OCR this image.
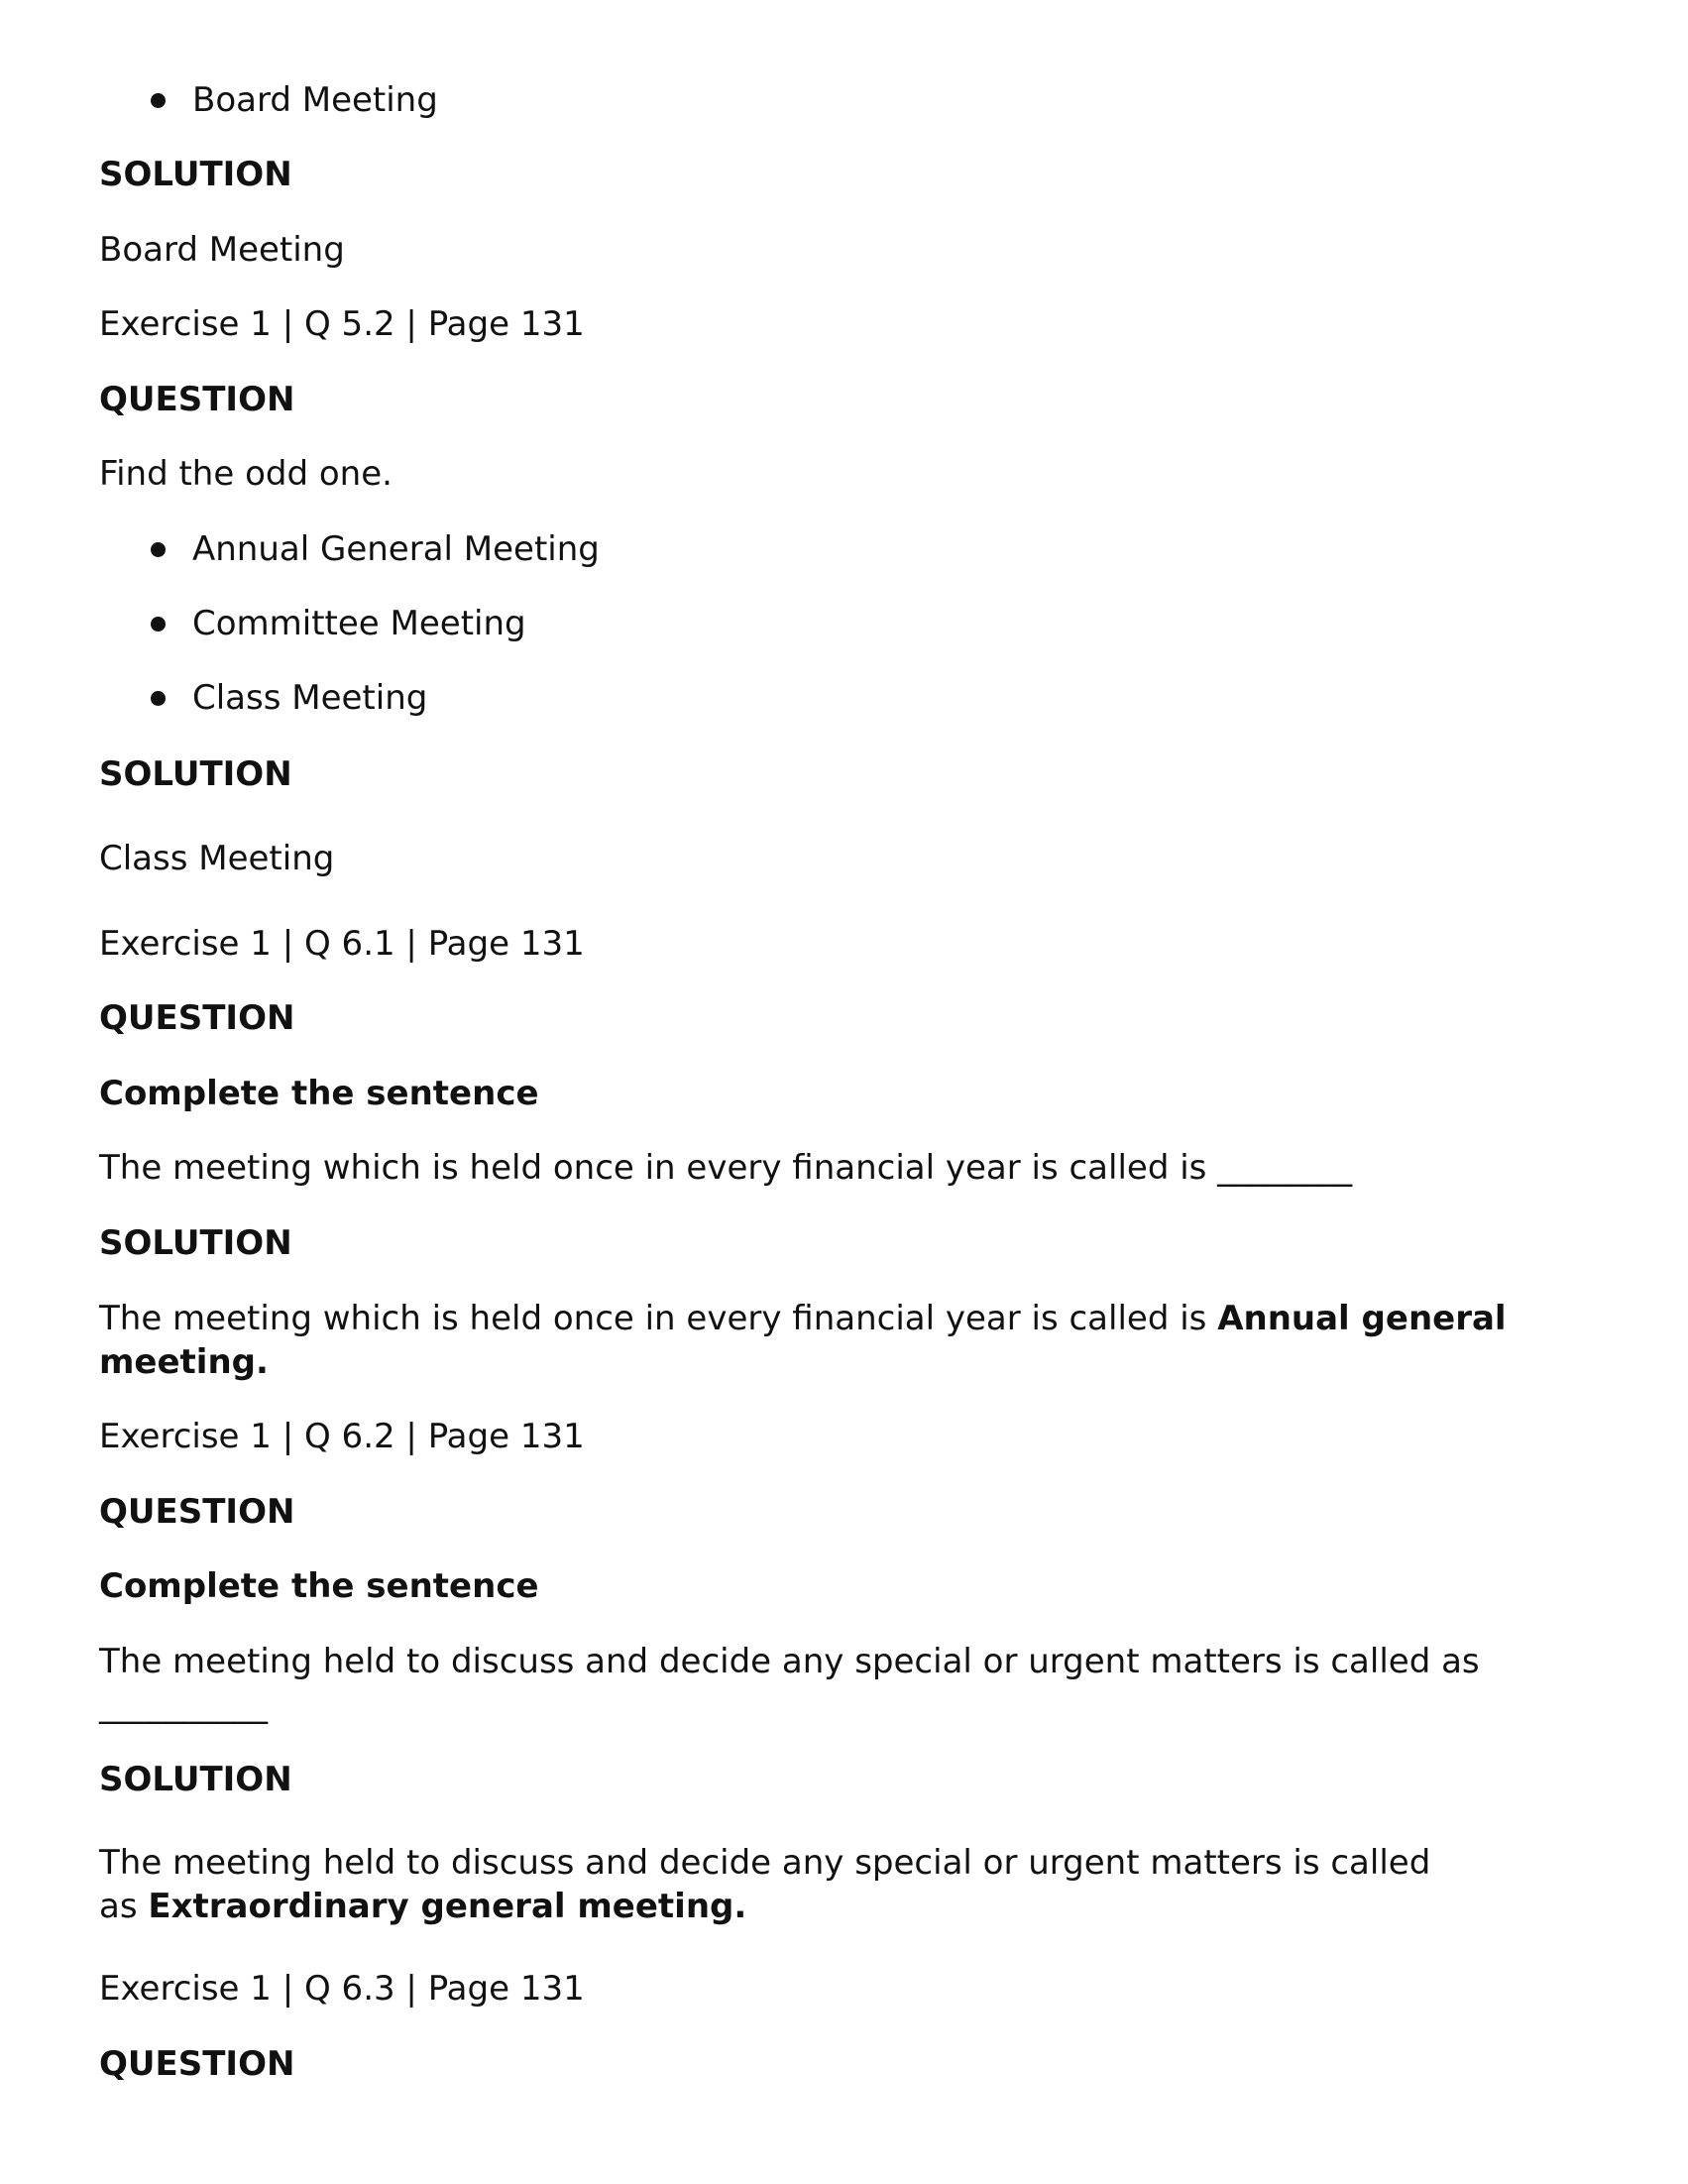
Board Meeting
SOLUTION
Board Meeting
Exercise 1 | Q 5.2 | Page 131
QUESTION
Find the odd one.
Annual General Meeting
Committee Meeting
Class Meeting
SOLUTION
Class Meeting
Exercise 1 | Q 6.1 | Page 131
QUESTION
Complete the sentence
The meeting which is held once in every financial year is called is ________
SOLUTION
The meeting which is held once in every financial year is called is Annual general meeting.
Exercise 1 | Q 6.2 | Page 131
QUESTION
Complete the sentence
The meeting held to discuss and decide any special or urgent matters is called as __________
SOLUTION
The meeting held to discuss and decide any special or urgent matters is called as Extraordinary general meeting.
Exercise 1 | Q 6.3 | Page 131
QUESTION
